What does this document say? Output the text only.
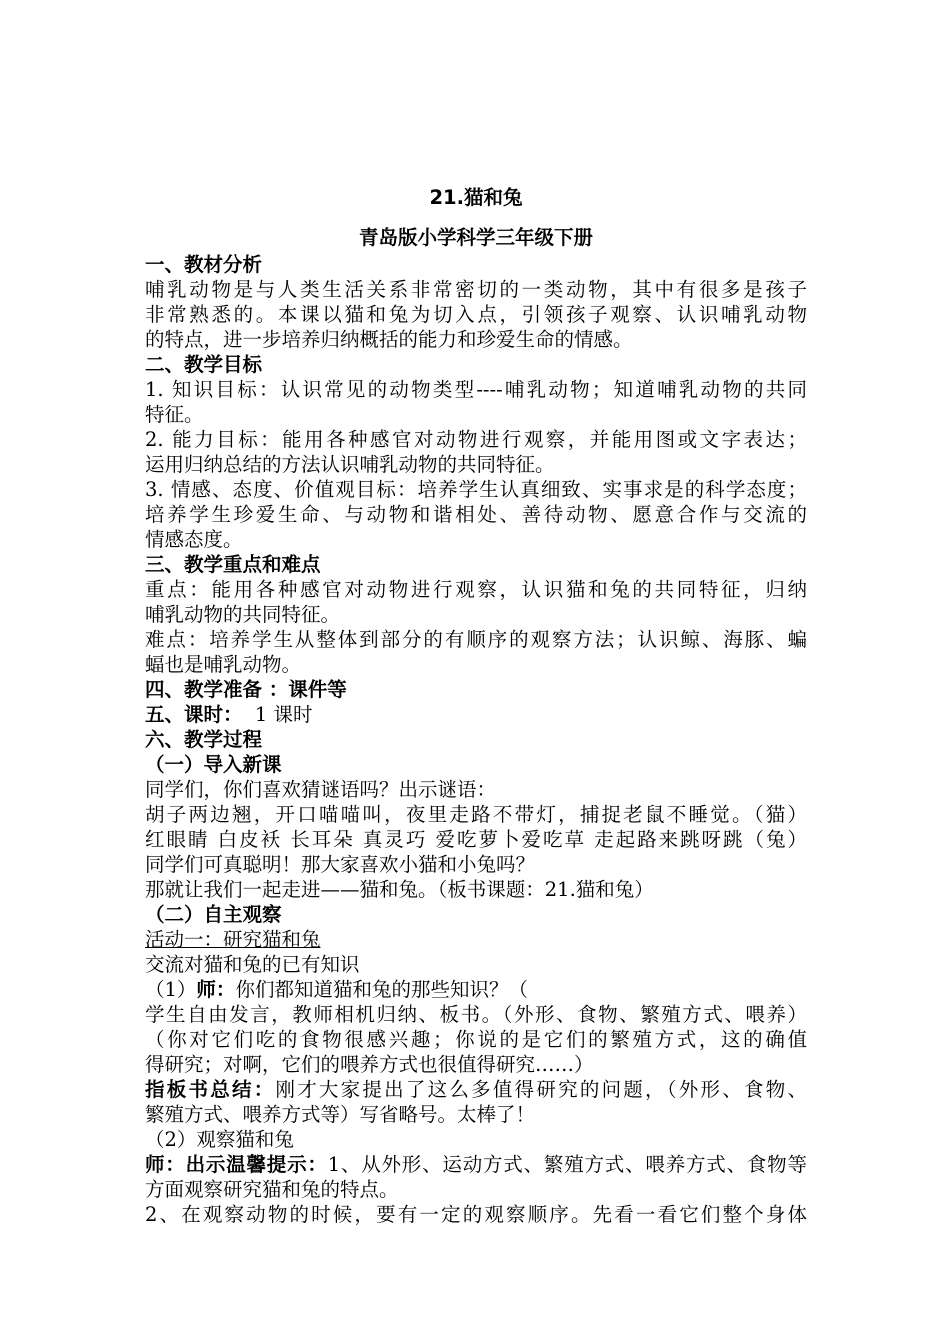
21.猫和兔
青岛版小学科学三年级下册
一、教材分析
哺乳动物是与人类生活关系非常密切的一类动物，其中有很多是孩子
非常熟悉的。本课以猫和兔为切入点，引领孩子观察、认识哺乳动物
的特点，进一步培养归纳概括的能力和珍爱生命的情感。
二、教学目标
1. 知识目标：认识常见的动物类型----哺乳动物；知道哺乳动物的共同
特征。
2. 能力目标：能用各种感官对动物进行观察，并能用图或文字表达；
运用归纳总结的方法认识哺乳动物的共同特征。
3. 情感、态度、价值观目标：培养学生认真细致、实事求是的科学态度；
培养学生珍爱生命、与动物和谐相处、善待动物、愿意合作与交流的
情感态度。
三、教学重点和难点
重点：能用各种感官对动物进行观察，认识猫和兔的共同特征，归纳
哺乳动物的共同特征。
难点：培养学生从整体到部分的有顺序的观察方法；认识鲸、海豚、蝙
蝠也是哺乳动物。
四、教学准备 ：课件等
五、课时： 1 课时
六、教学过程
（一）导入新课
同学们，你们喜欢猜谜语吗？出示谜语：
胡子两边翘，开口喵喵叫，夜里走路不带灯，捕捉老鼠不睡觉。（猫）
红眼睛 白皮袄 长耳朵 真灵巧 爱吃萝卜爱吃草 走起路来跳呀跳（兔）
同学们可真聪明！那大家喜欢小猫和小兔吗？
那就让我们一起走进——猫和兔。（板书课题：21.猫和兔）
（二）自主观察
活动一：研究猫和兔
交流对猫和兔的已有知识
（1）师：你们都知道猫和兔的那些知识？（
学生自由发言，教师相机归纳、板书。（外形、食物、繁殖方式、喂养）
（你对它们吃的食物很感兴趣；你说的是它们的繁殖方式，这的确值
得研究；对啊，它们的喂养方式也很值得研究……）
指板书总结：刚才大家提出了这么多值得研究的问题，（外形、食物、
繁殖方式、喂养方式等）写省略号。太棒了！
（2）观察猫和兔
师：出示温馨提示：1、从外形、运动方式、繁殖方式、喂养方式、食物等
方面观察研究猫和兔的特点。
2、在观察动物的时候，要有一定的观察顺序。先看一看它们整个身体
